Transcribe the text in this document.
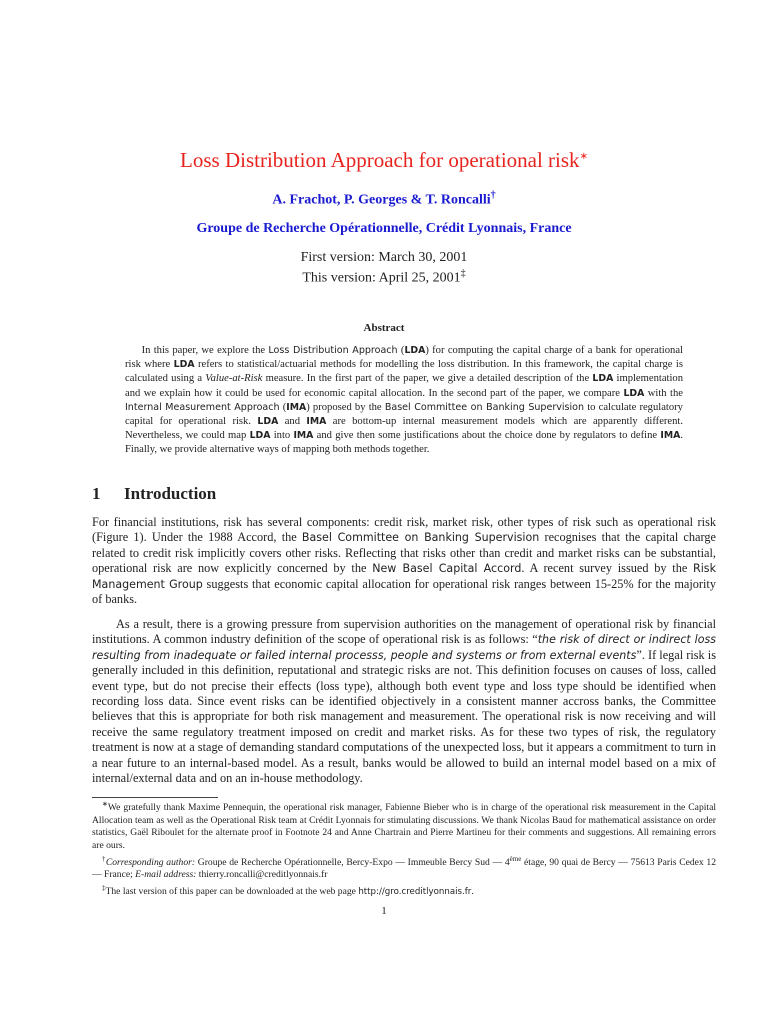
Loss Distribution Approach for operational risk∗
A. Frachot, P. Georges & T. Roncalli†
Groupe de Recherche Opérationnelle, Crédit Lyonnais, France
First version: March 30, 2001
This version: April 25, 2001‡
Abstract
In this paper, we explore the Loss Distribution Approach (LDA) for computing the capital charge of a bank for operational risk where LDA refers to statistical/actuarial methods for modelling the loss distribution. In this framework, the capital charge is calculated using a Value-at-Risk measure. In the first part of the paper, we give a detailed description of the LDA implementation and we explain how it could be used for economic capital allocation. In the second part of the paper, we compare LDA with the Internal Measurement Approach (IMA) proposed by the Basel Committee on Banking Supervision to calculate regulatory capital for operational risk. LDA and IMA are bottom-up internal measurement models which are apparently different. Nevertheless, we could map LDA into IMA and give then some justifications about the choice done by regulators to define IMA. Finally, we provide alternative ways of mapping both methods together.
1 Introduction
For financial institutions, risk has several components: credit risk, market risk, other types of risk such as operational risk (Figure 1). Under the 1988 Accord, the Basel Committee on Banking Supervision recognises that the capital charge related to credit risk implicitly covers other risks. Reflecting that risks other than credit and market risks can be substantial, operational risk are now explicitly concerned by the New Basel Capital Accord. A recent survey issued by the Risk Management Group suggests that economic capital allocation for operational risk ranges between 15-25% for the majority of banks.
As a result, there is a growing pressure from supervision authorities on the management of operational risk by financial institutions. A common industry definition of the scope of operational risk is as follows: “the risk of direct or indirect loss resulting from inadequate or failed internal processs, people and systems or from external events”. If legal risk is generally included in this definition, reputational and strategic risks are not. This definition focuses on causes of loss, called event type, but do not precise their effects (loss type), although both event type and loss type should be identified when recording loss data. Since event risks can be identified objectively in a consistent manner accross banks, the Committee believes that this is appropriate for both risk management and measurement. The operational risk is now receiving and will receive the same regulatory treatment imposed on credit and market risks. As for these two types of risk, the regulatory treatment is now at a stage of demanding standard computations of the unexpected loss, but it appears a commitment to turn in a near future to an internal-based model. As a result, banks would be allowed to build an internal model based on a mix of internal/external data and on an in-house methodology.

∗We gratefully thank Maxime Pennequin, the operational risk manager, Fabienne Bieber who is in charge of the operational risk measurement in the Capital Allocation team as well as the Operational Risk team at Crédit Lyonnais for stimulating discussions. We thank Nicolas Baud for mathematical assistance on order statistics, Gaël Riboulet for the alternate proof in Footnote 24 and Anne Chartrain and Pierre Martineu for their comments and suggestions. All remaining errors are ours.

†Corresponding author: Groupe de Recherche Opérationnelle, Bercy-Expo — Immeuble Bercy Sud — 4ème étage, 90 quai de Bercy — 75613 Paris Cedex 12 — France; E-mail address: thierry.roncalli@creditlyonnais.fr

‡The last version of this paper can be downloaded at the web page http://gro.creditlyonnais.fr.

1
